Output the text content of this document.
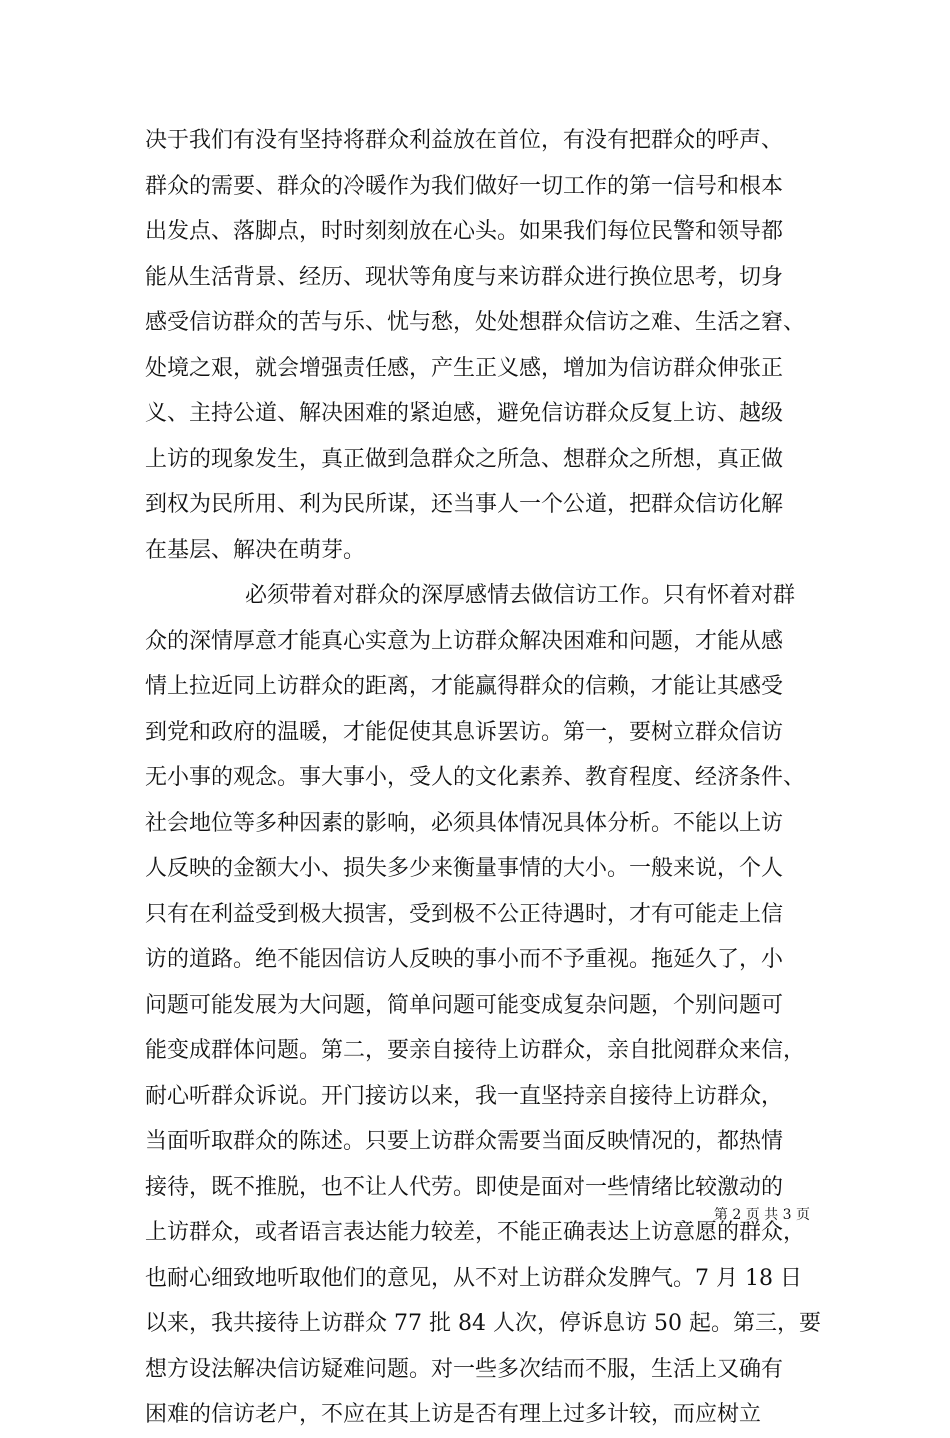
决于我们有没有坚持将群众利益放在首位，有没有把群众的呼声、
群众的需要、群众的冷暖作为我们做好一切工作的第一信号和根本
出发点、落脚点，时时刻刻放在心头。如果我们每位民警和领导都
能从生活背景、经历、现状等角度与来访群众进行换位思考，切身
感受信访群众的苦与乐、忧与愁，处处想群众信访之难、生活之窘、
处境之艰，就会增强责任感，产生正义感，增加为信访群众伸张正
义、主持公道、解决困难的紧迫感，避免信访群众反复上访、越级
上访的现象发生，真正做到急群众之所急、想群众之所想，真正做
到权为民所用、利为民所谋，还当事人一个公道，把群众信访化解
在基层、解决在萌芽。
必须带着对群众的深厚感情去做信访工作。只有怀着对群
众的深情厚意才能真心实意为上访群众解决困难和问题，才能从感
情上拉近同上访群众的距离，才能赢得群众的信赖，才能让其感受
到党和政府的温暖，才能促使其息诉罢访。第一，要树立群众信访
无小事的观念。事大事小，受人的文化素养、教育程度、经济条件、
社会地位等多种因素的影响，必须具体情况具体分析。不能以上访
人反映的金额大小、损失多少来衡量事情的大小。一般来说，个人
只有在利益受到极大损害，受到极不公正待遇时，才有可能走上信
访的道路。绝不能因信访人反映的事小而不予重视。拖延久了，小
问题可能发展为大问题，简单问题可能变成复杂问题，个别问题可
能变成群体问题。第二，要亲自接待上访群众，亲自批阅群众来信，
耐心听群众诉说。开门接访以来，我一直坚持亲自接待上访群众，
当面听取群众的陈述。只要上访群众需要当面反映情况的，都热情
接待，既不推脱，也不让人代劳。即使是面对一些情绪比较激动的
上访群众，或者语言表达能力较差，不能正确表达上访意愿的群众，
也耐心细致地听取他们的意见，从不对上访群众发脾气。7 月 18 日
以来，我共接待上访群众 77 批 84 人次，停诉息访 50 起。第三，要
想方设法解决信访疑难问题。对一些多次结而不服，生活上又确有
困难的信访老户，不应在其上访是否有理上过多计较，而应树立
第 2 页 共 3 页
